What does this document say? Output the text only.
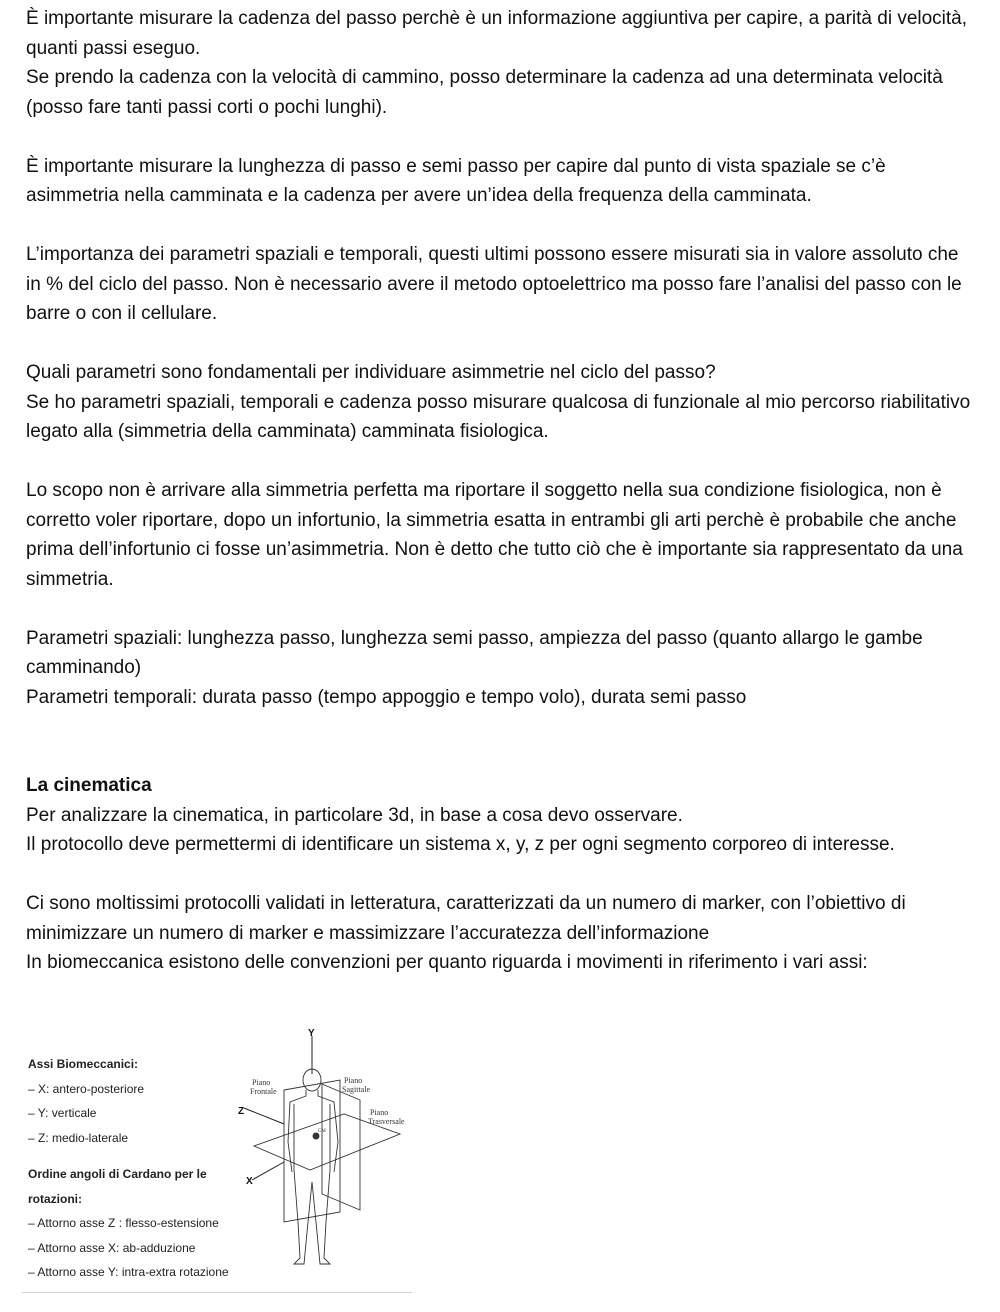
È importante misurare la cadenza del passo perchè è un informazione aggiuntiva per capire, a parità di velocità, quanti passi eseguo.

Se prendo la cadenza con la velocità di cammino, posso determinare la cadenza ad una determinata velocità (posso fare tanti passi corti o pochi lunghi).

È importante misurare la lunghezza di passo e semi passo per capire dal punto di vista spaziale se c’è asimmetria nella camminata e la cadenza per avere un’idea della frequenza della camminata.

L’importanza dei parametri spaziali e temporali, questi ultimi possono essere misurati sia in valore assoluto che in % del ciclo del passo. Non è necessario avere il metodo optoelettrico ma posso fare l’analisi del passo con le barre o con il cellulare.

Quali parametri sono fondamentali per individuare asimmetrie nel ciclo del passo?

Se ho parametri spaziali, temporali e cadenza posso misurare qualcosa di funzionale al mio percorso riabilitativo legato alla (simmetria della camminata) camminata fisiologica.

Lo scopo non è arrivare alla simmetria perfetta ma riportare il soggetto nella sua condizione fisiologica, non è corretto voler riportare, dopo un infortunio, la simmetria esatta in entrambi gli arti perchè è probabile che anche prima dell’infortunio ci fosse un’asimmetria. Non è detto che tutto ciò che è importante sia rappresentato da una simmetria.

Parametri spaziali: lunghezza passo, lunghezza semi passo, ampiezza del passo (quanto allargo le gambe camminando)

Parametri temporali: durata passo (tempo appoggio e tempo volo), durata semi passo

La cinematica

Per analizzare la cinematica, in particolare 3d, in base a cosa devo osservare.

Il protocollo deve permettermi di identificare un sistema x, y, z per ogni segmento corporeo di interesse.

Ci sono moltissimi protocolli validati in letteratura, caratterizzati da un numero di marker, con l’obiettivo di minimizzare un numero di marker e massimizzare l’accuratezza dell’informazione

In biomeccanica esistono delle convenzioni per quanto riguarda i movimenti in riferimento i vari assi:

Assi Biomeccanici:
– X: antero-posteriore
– Y: verticale
– Z: medio-laterale
Ordine angoli di Cardano per le rotazioni:
– Attorno asse Z : flesso-estensione
– Attorno asse X: ab-adduzione
– Attorno asse Y: intra-extra rotazione
Y
Z
X
CM
Piano
Frontale
Piano
Sagittale
Piano
Trasversale
